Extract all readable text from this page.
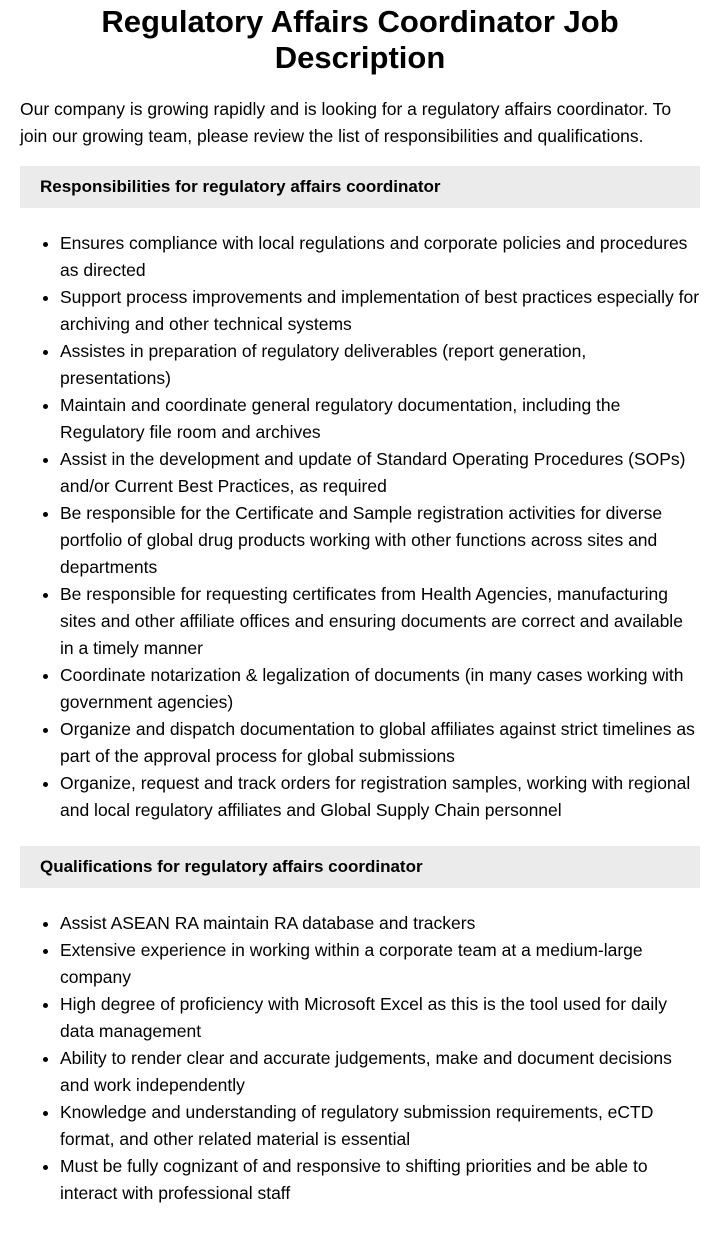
Regulatory Affairs Coordinator Job Description

Our company is growing rapidly and is looking for a regulatory affairs coordinator. To join our growing team, please review the list of responsibilities and qualifications.

Responsibilities for regulatory affairs coordinator
• Ensures compliance with local regulations and corporate policies and procedures as directed
• Support process improvements and implementation of best practices especially for archiving and other technical systems
• Assistes in preparation of regulatory deliverables (report generation, presentations)
• Maintain and coordinate general regulatory documentation, including the Regulatory file room and archives
• Assist in the development and update of Standard Operating Procedures (SOPs) and/or Current Best Practices, as required
• Be responsible for the Certificate and Sample registration activities for diverse portfolio of global drug products working with other functions across sites and departments
• Be responsible for requesting certificates from Health Agencies, manufacturing sites and other affiliate offices and ensuring documents are correct and available in a timely manner
• Coordinate notarization & legalization of documents (in many cases working with government agencies)
• Organize and dispatch documentation to global affiliates against strict timelines as part of the approval process for global submissions
• Organize, request and track orders for registration samples, working with regional and local regulatory affiliates and Global Supply Chain personnel
Qualifications for regulatory affairs coordinator
• Assist ASEAN RA maintain RA database and trackers
• Extensive experience in working within a corporate team at a medium-large company
• High degree of proficiency with Microsoft Excel as this is the tool used for daily data management
• Ability to render clear and accurate judgements, make and document decisions and work independently
• Knowledge and understanding of regulatory submission requirements, eCTD format, and other related material is essential
• Must be fully cognizant of and responsive to shifting priorities and be able to interact with professional staff
